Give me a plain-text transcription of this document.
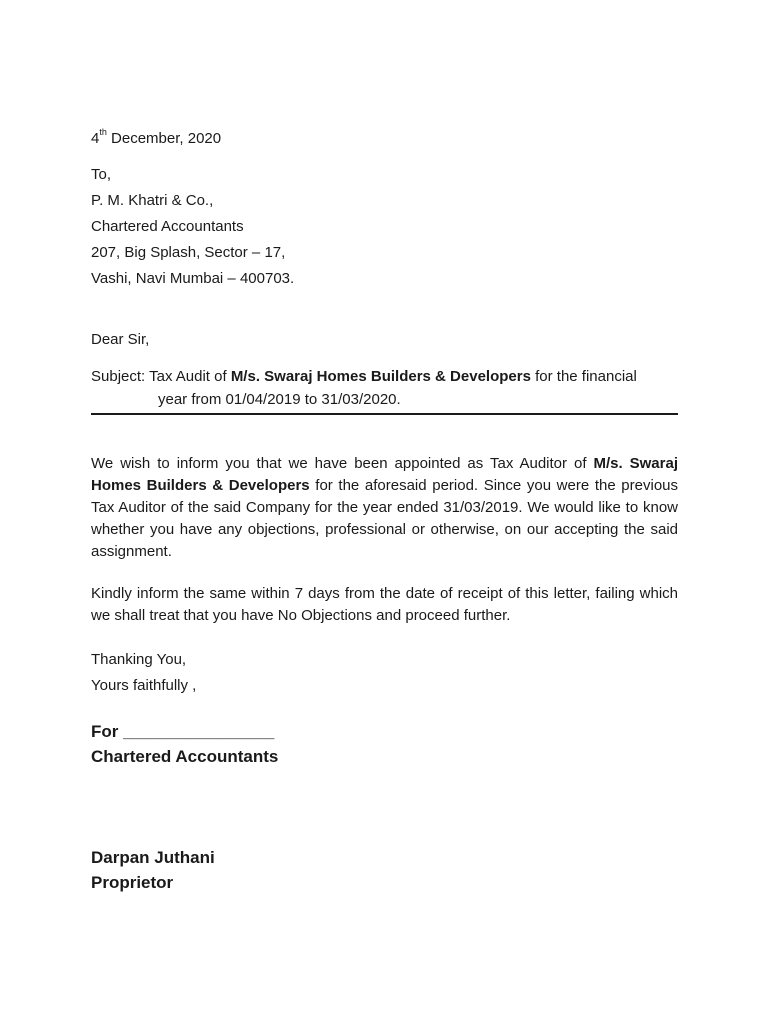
4th December, 2020
To,
P. M. Khatri & Co.,
Chartered Accountants
207, Big Splash, Sector – 17,
Vashi, Navi Mumbai – 400703.
Dear Sir,
Subject: Tax Audit of M/s. Swaraj Homes Builders & Developers for the financial
year from 01/04/2019 to 31/03/2020.
We wish to inform you that we have been appointed as Tax Auditor of M/s. Swaraj Homes Builders & Developers for the aforesaid period. Since you were the previous Tax Auditor of the said Company for the year ended 31/03/2019. We would like to know whether you have any objections, professional or otherwise, on our accepting the said assignment.
Kindly inform the same within 7 days from the date of receipt of this letter, failing which we shall treat that you have No Objections and proceed further.
Thanking You,
Yours faithfully ,
For ________________
Chartered Accountants
Darpan Juthani
Proprietor
